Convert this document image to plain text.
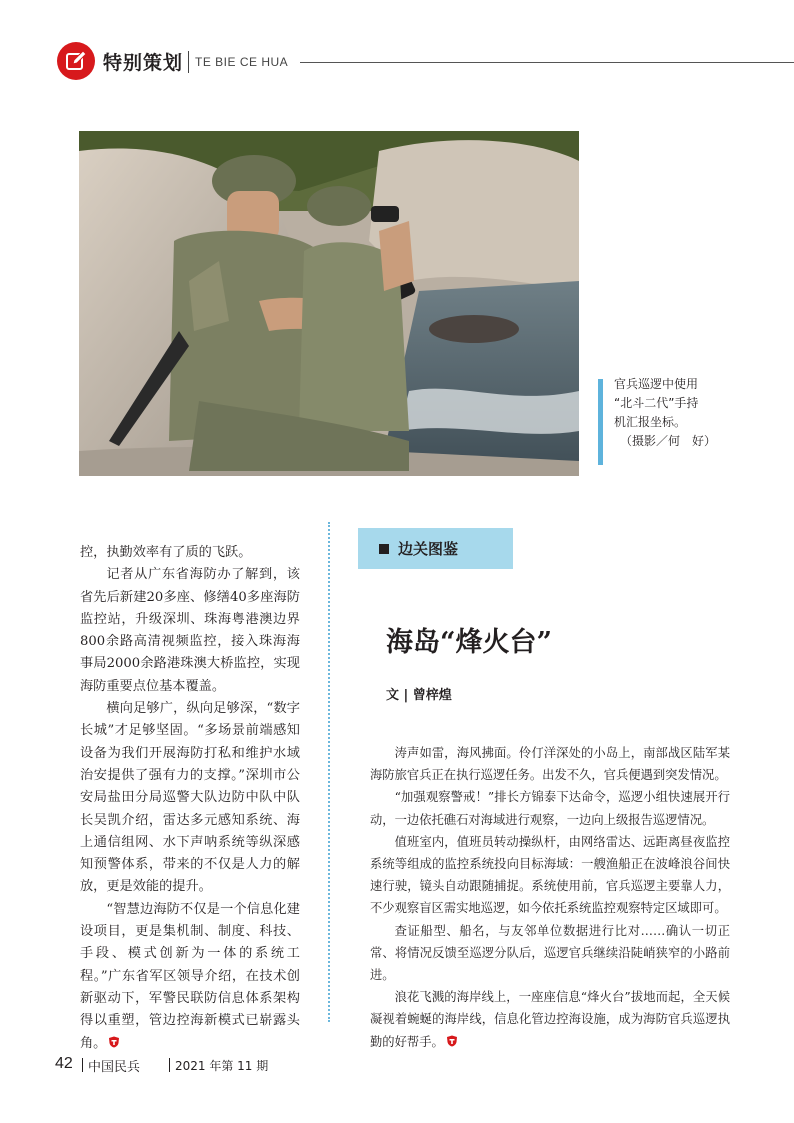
特别策划 TE BIE CE HUA
官兵巡逻中使用
“北斗二代”手持
机汇报坐标。
（摄影／何　好）

控，执勤效率有了质的飞跃。

记者从广东省海防办了解到，该省先后新建20多座、修缮40多座海防监控站，升级深圳、珠海粤港澳边界800余路高清视频监控，接入珠海海事局2000余路港珠澳大桥监控，实现海防重要点位基本覆盖。

横向足够广，纵向足够深，“数字长城”才足够坚固。“多场景前端感知设备为我们开展海防打私和维护水域治安提供了强有力的支撑。”深圳市公安局盐田分局巡警大队边防中队中队长吴凯介绍，雷达多元感知系统、海上通信组网、水下声呐系统等纵深感知预警体系，带来的不仅是人力的解放，更是效能的提升。

“智慧边海防不仅是一个信息化建设项目，更是集机制、制度、科技、手段、模式创新为一体的系统工程。”广东省军区领导介绍，在技术创新驱动下，军警民联防信息体系架构得以重塑，管边控海新模式已崭露头角。

边关图鉴
海岛“烽火台”
文 | 曾梓煌

涛声如雷，海风拂面。伶仃洋深处的小岛上，南部战区陆军某海防旅官兵正在执行巡逻任务。出发不久，官兵便遇到突发情况。

“加强观察警戒！”排长方锦泰下达命令，巡逻小组快速展开行动，一边依托礁石对海域进行观察，一边向上级报告巡逻情况。

值班室内，值班员转动操纵杆，由网络雷达、远距离昼夜监控系统等组成的监控系统投向目标海域：一艘渔船正在波峰浪谷间快速行驶，镜头自动跟随捕捉。系统使用前，官兵巡逻主要靠人力，不少观察盲区需实地巡逻，如今依托系统监控观察特定区域即可。

查证船型、船名，与友邻单位数据进行比对……确认一切正常、将情况反馈至巡逻分队后，巡逻官兵继续沿陡峭狭窄的小路前进。

浪花飞溅的海岸线上，一座座信息“烽火台”拔地而起，全天候凝视着蜿蜒的海岸线，信息化管边控海设施，成为海防官兵巡逻执勤的好帮手。

42 中国民兵	2021 年第 11 期
